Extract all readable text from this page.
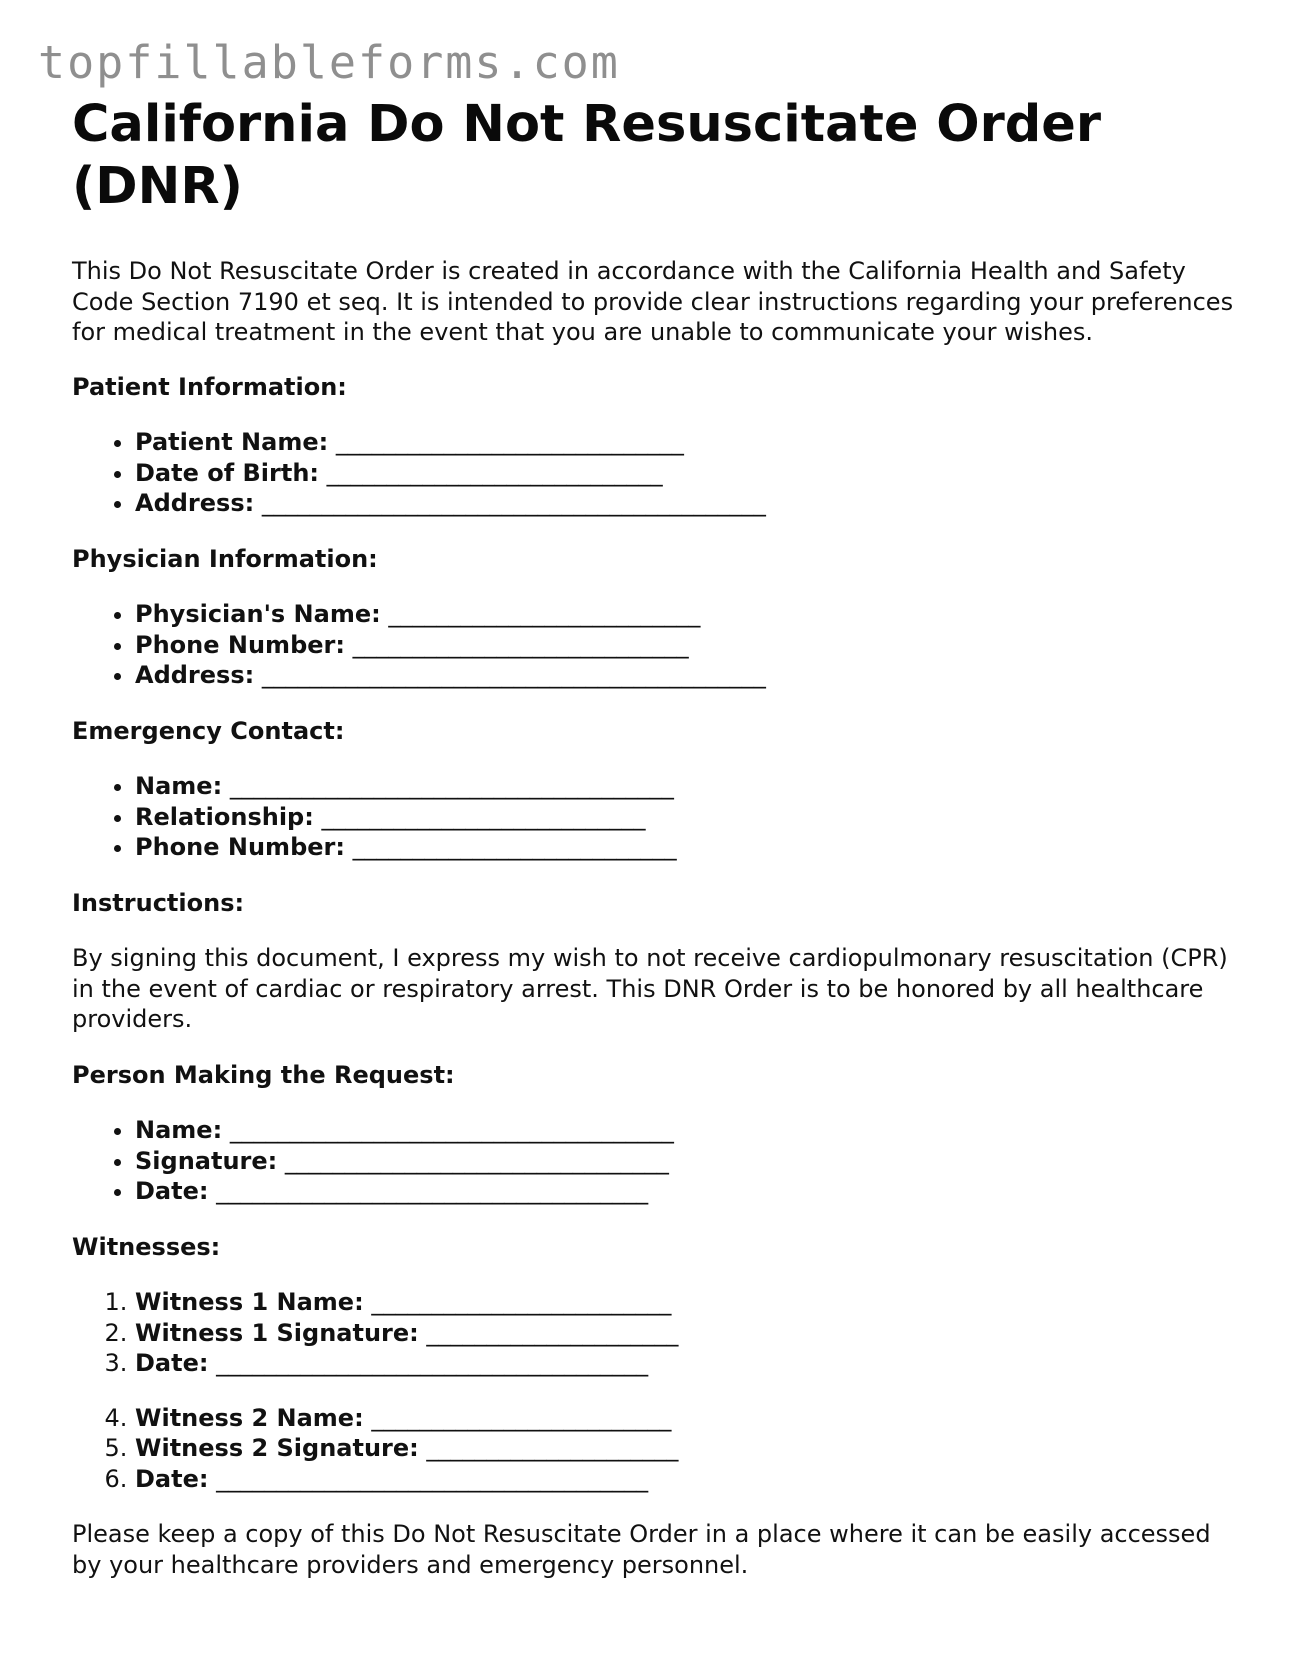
topfillableforms.com
California Do Not Resuscitate Order (DNR)

This Do Not Resuscitate Order is created in accordance with the California Health and Safety Code Section 7190 et seq. It is intended to provide clear instructions regarding your preferences for medical treatment in the event that you are unable to communicate your wishes.

Patient Information:
• Patient Name: _____________________________
• Date of Birth: ____________________________
• Address: __________________________________________
Physician Information:
• Physician's Name: __________________________
• Phone Number: ____________________________
• Address: __________________________________________
Emergency Contact:
• Name: _____________________________________
• Relationship: ___________________________
• Phone Number: ___________________________
Instructions:

By signing this document, I express my wish to not receive cardiopulmonary resuscitation (CPR) in the event of cardiac or respiratory arrest. This DNR Order is to be honored by all healthcare providers.

Person Making the Request:
• Name: _____________________________________
• Signature: ________________________________
• Date: ____________________________________
Witnesses:
1. Witness 1 Name: _________________________
2. Witness 1 Signature: _____________________
3. Date: ____________________________________
4. Witness 2 Name: _________________________
5. Witness 2 Signature: _____________________
6. Date: ____________________________________

Please keep a copy of this Do Not Resuscitate Order in a place where it can be easily accessed by your healthcare providers and emergency personnel.
